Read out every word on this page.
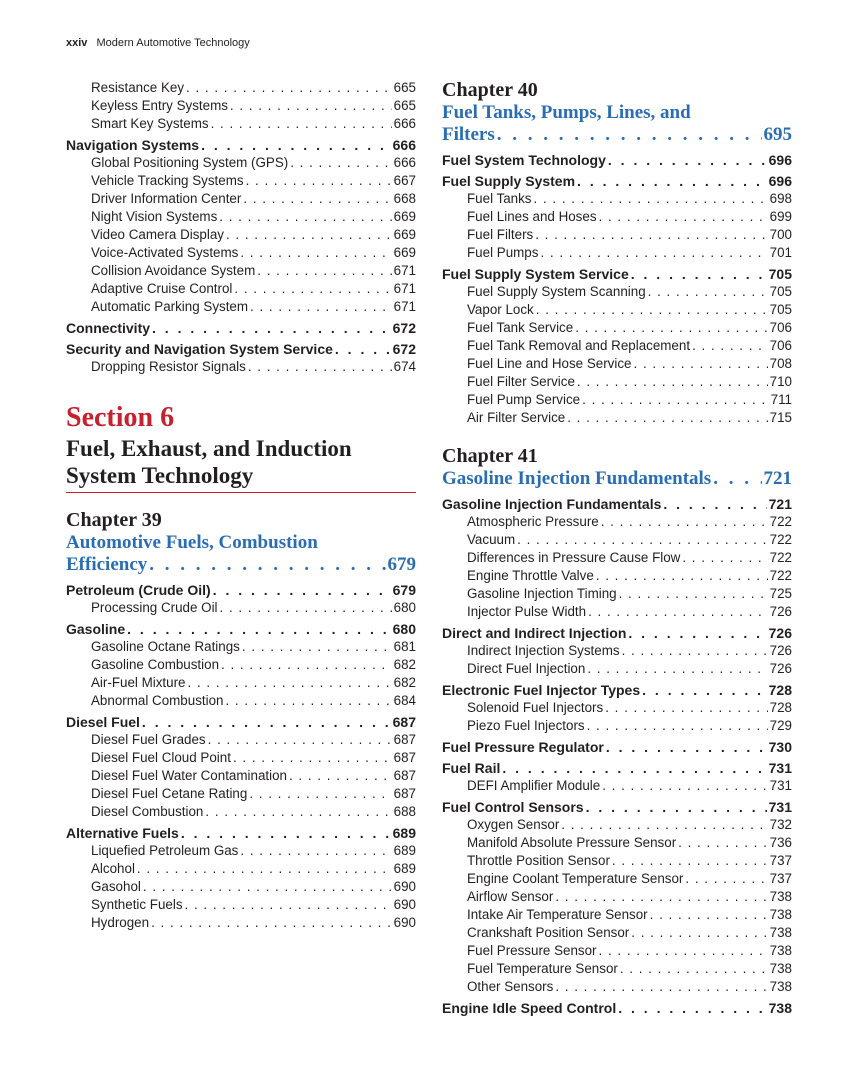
xxiv Modern Automotive Technology
Resistance Key . . .	665
Keyless Entry Systems . . .	665
Smart Key Systems . . .	666
Navigation Systems . . .	666
Global Positioning System (GPS) . . .	666
Vehicle Tracking Systems . . .	667
Driver Information Center . . .	668
Night Vision Systems . . .	669
Video Camera Display . . .	669
Voice-Activated Systems . . .	669
Collision Avoidance System . . .	671
Adaptive Cruise Control . . .	671
Automatic Parking System . . .	671
Connectivity . . .	672
Security and Navigation System Service . . .	672
Dropping Resistor Signals . . .	674
Section 6
Fuel, Exhaust, and Induction
System Technology
Chapter 39
Automotive Fuels, Combustion
Efficiency . . .	679
Petroleum (Crude Oil) . . .	679
Processing Crude Oil . . .	680
Gasoline . . .	680
Gasoline Octane Ratings . . .	681
Gasoline Combustion . . .	682
Air-Fuel Mixture . . .	682
Abnormal Combustion . . .	684
Diesel Fuel . . .	687
Diesel Fuel Grades . . .	687
Diesel Fuel Cloud Point . . .	687
Diesel Fuel Water Contamination . . .	687
Diesel Fuel Cetane Rating . . .	687
Diesel Combustion . . .	688
Alternative Fuels . . .	689
Liquefied Petroleum Gas . . .	689
Alcohol . . .	689
Gasohol . . .	690
Synthetic Fuels . . .	690
Hydrogen . . .	690
Chapter 40
Fuel Tanks, Pumps, Lines, and
Filters . . .	695
Fuel System Technology . . .	696
Fuel Supply System . . .	696
Fuel Tanks . . .	698
Fuel Lines and Hoses . . .	699
Fuel Filters . . .	700
Fuel Pumps . . .	701
Fuel Supply System Service . . .	705
Fuel Supply System Scanning . . .	705
Vapor Lock . . .	705
Fuel Tank Service . . .	706
Fuel Tank Removal and Replacement . . .	706
Fuel Line and Hose Service . . .	708
Fuel Filter Service . . .	710
Fuel Pump Service . . .	711
Air Filter Service . . .	715
Chapter 41
Gasoline Injection Fundamentals . . .	721
Gasoline Injection Fundamentals . . .	721
Atmospheric Pressure . . .	722
Vacuum . . .	722
Differences in Pressure Cause Flow . . .	722
Engine Throttle Valve . . .	722
Gasoline Injection Timing . . .	725
Injector Pulse Width . . .	726
Direct and Indirect Injection . . .	726
Indirect Injection Systems . . .	726
Direct Fuel Injection . . .	726
Electronic Fuel Injector Types . . .	728
Solenoid Fuel Injectors . . .	728
Piezo Fuel Injectors . . .	729
Fuel Pressure Regulator . . .	730
Fuel Rail . . .	731
DEFI Amplifier Module . . .	731
Fuel Control Sensors . . .	731
Oxygen Sensor . . .	732
Manifold Absolute Pressure Sensor . . .	736
Throttle Position Sensor . . .	737
Engine Coolant Temperature Sensor . . .	737
Airflow Sensor . . .	738
Intake Air Temperature Sensor . . .	738
Crankshaft Position Sensor . . .	738
Fuel Pressure Sensor . . .	738
Fuel Temperature Sensor . . .	738
Other Sensors . . .	738
Engine Idle Speed Control . . .	738
